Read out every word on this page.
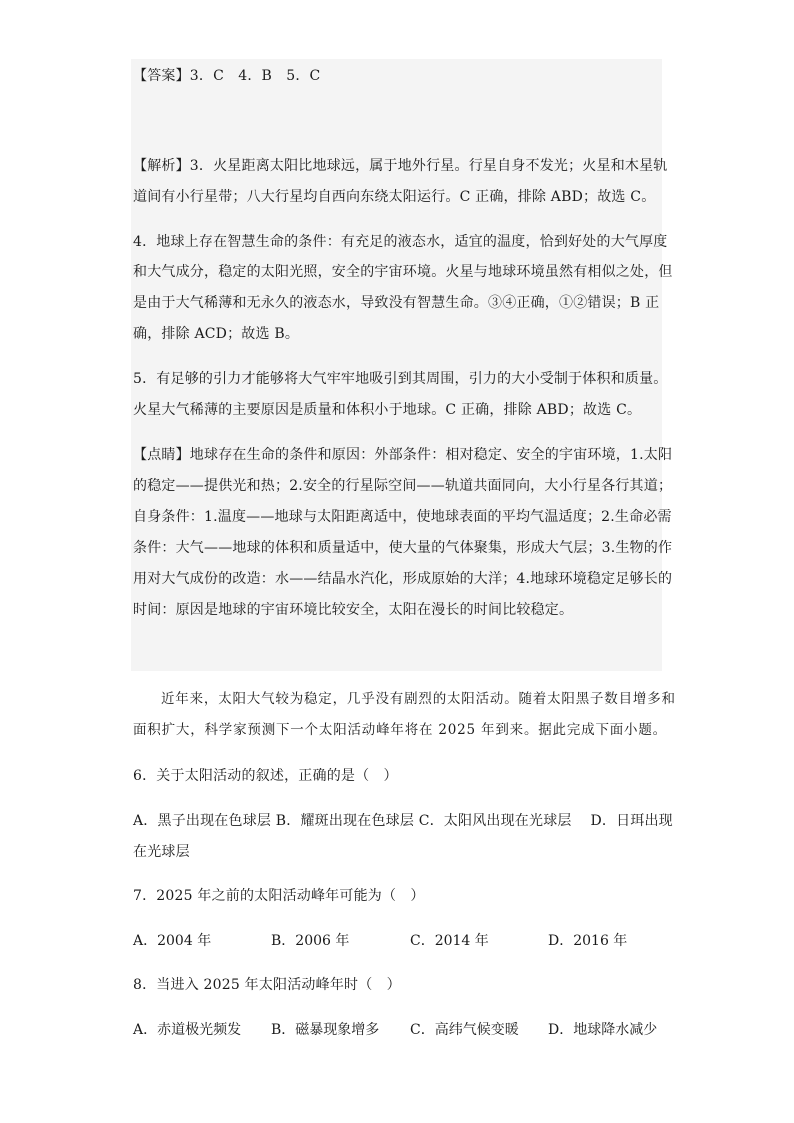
【答案】3．C　4．B　5．C
【解析】3．火星距离太阳比地球远，属于地外行星。行星自身不发光；火星和木星轨
道间有小行星带；八大行星均自西向东绕太阳运行。C 正确，排除 ABD；故选 C。
4．地球上存在智慧生命的条件：有充足的液态水，适宜的温度，恰到好处的大气厚度
和大气成分，稳定的太阳光照，安全的宇宙环境。火星与地球环境虽然有相似之处，但
是由于大气稀薄和无永久的液态水，导致没有智慧生命。③④正确，①②错误；B 正
确，排除 ACD；故选 B。
5．有足够的引力才能够将大气牢牢地吸引到其周围，引力的大小受制于体积和质量。
火星大气稀薄的主要原因是质量和体积小于地球。C 正确，排除 ABD；故选 C。
【点睛】地球存在生命的条件和原因：外部条件：相对稳定、安全的宇宙环境，1.太阳
的稳定——提供光和热；2.安全的行星际空间——轨道共面同向，大小行星各行其道；
自身条件：1.温度——地球与太阳距离适中，使地球表面的平均气温适度；2.生命必需
条件：大气——地球的体积和质量适中，使大量的气体聚集，形成大气层；3.生物的作
用对大气成份的改造：水——结晶水汽化，形成原始的大洋；4.地球环境稳定足够长的
时间：原因是地球的宇宙环境比较安全，太阳在漫长的时间比较稳定。
近年来，太阳大气较为稳定，几乎没有剧烈的太阳活动。随着太阳黑子数目增多和
面积扩大，科学家预测下一个太阳活动峰年将在 2025 年到来。据此完成下面小题。
6．关于太阳活动的叙述，正确的是（　）
A．黑子出现在色球层 B．耀斑出现在色球层 C．太阳风出现在光球层　 D．日珥出现
在光球层
7．2025 年之前的太阳活动峰年可能为（　）
A．2004 年	B．2006 年	C．2014 年	D．2016 年
8．当进入 2025 年太阳活动峰年时（　）
A．赤道极光频发 B．磁暴现象增多 C．高纬气候变暖 D．地球降水减少
